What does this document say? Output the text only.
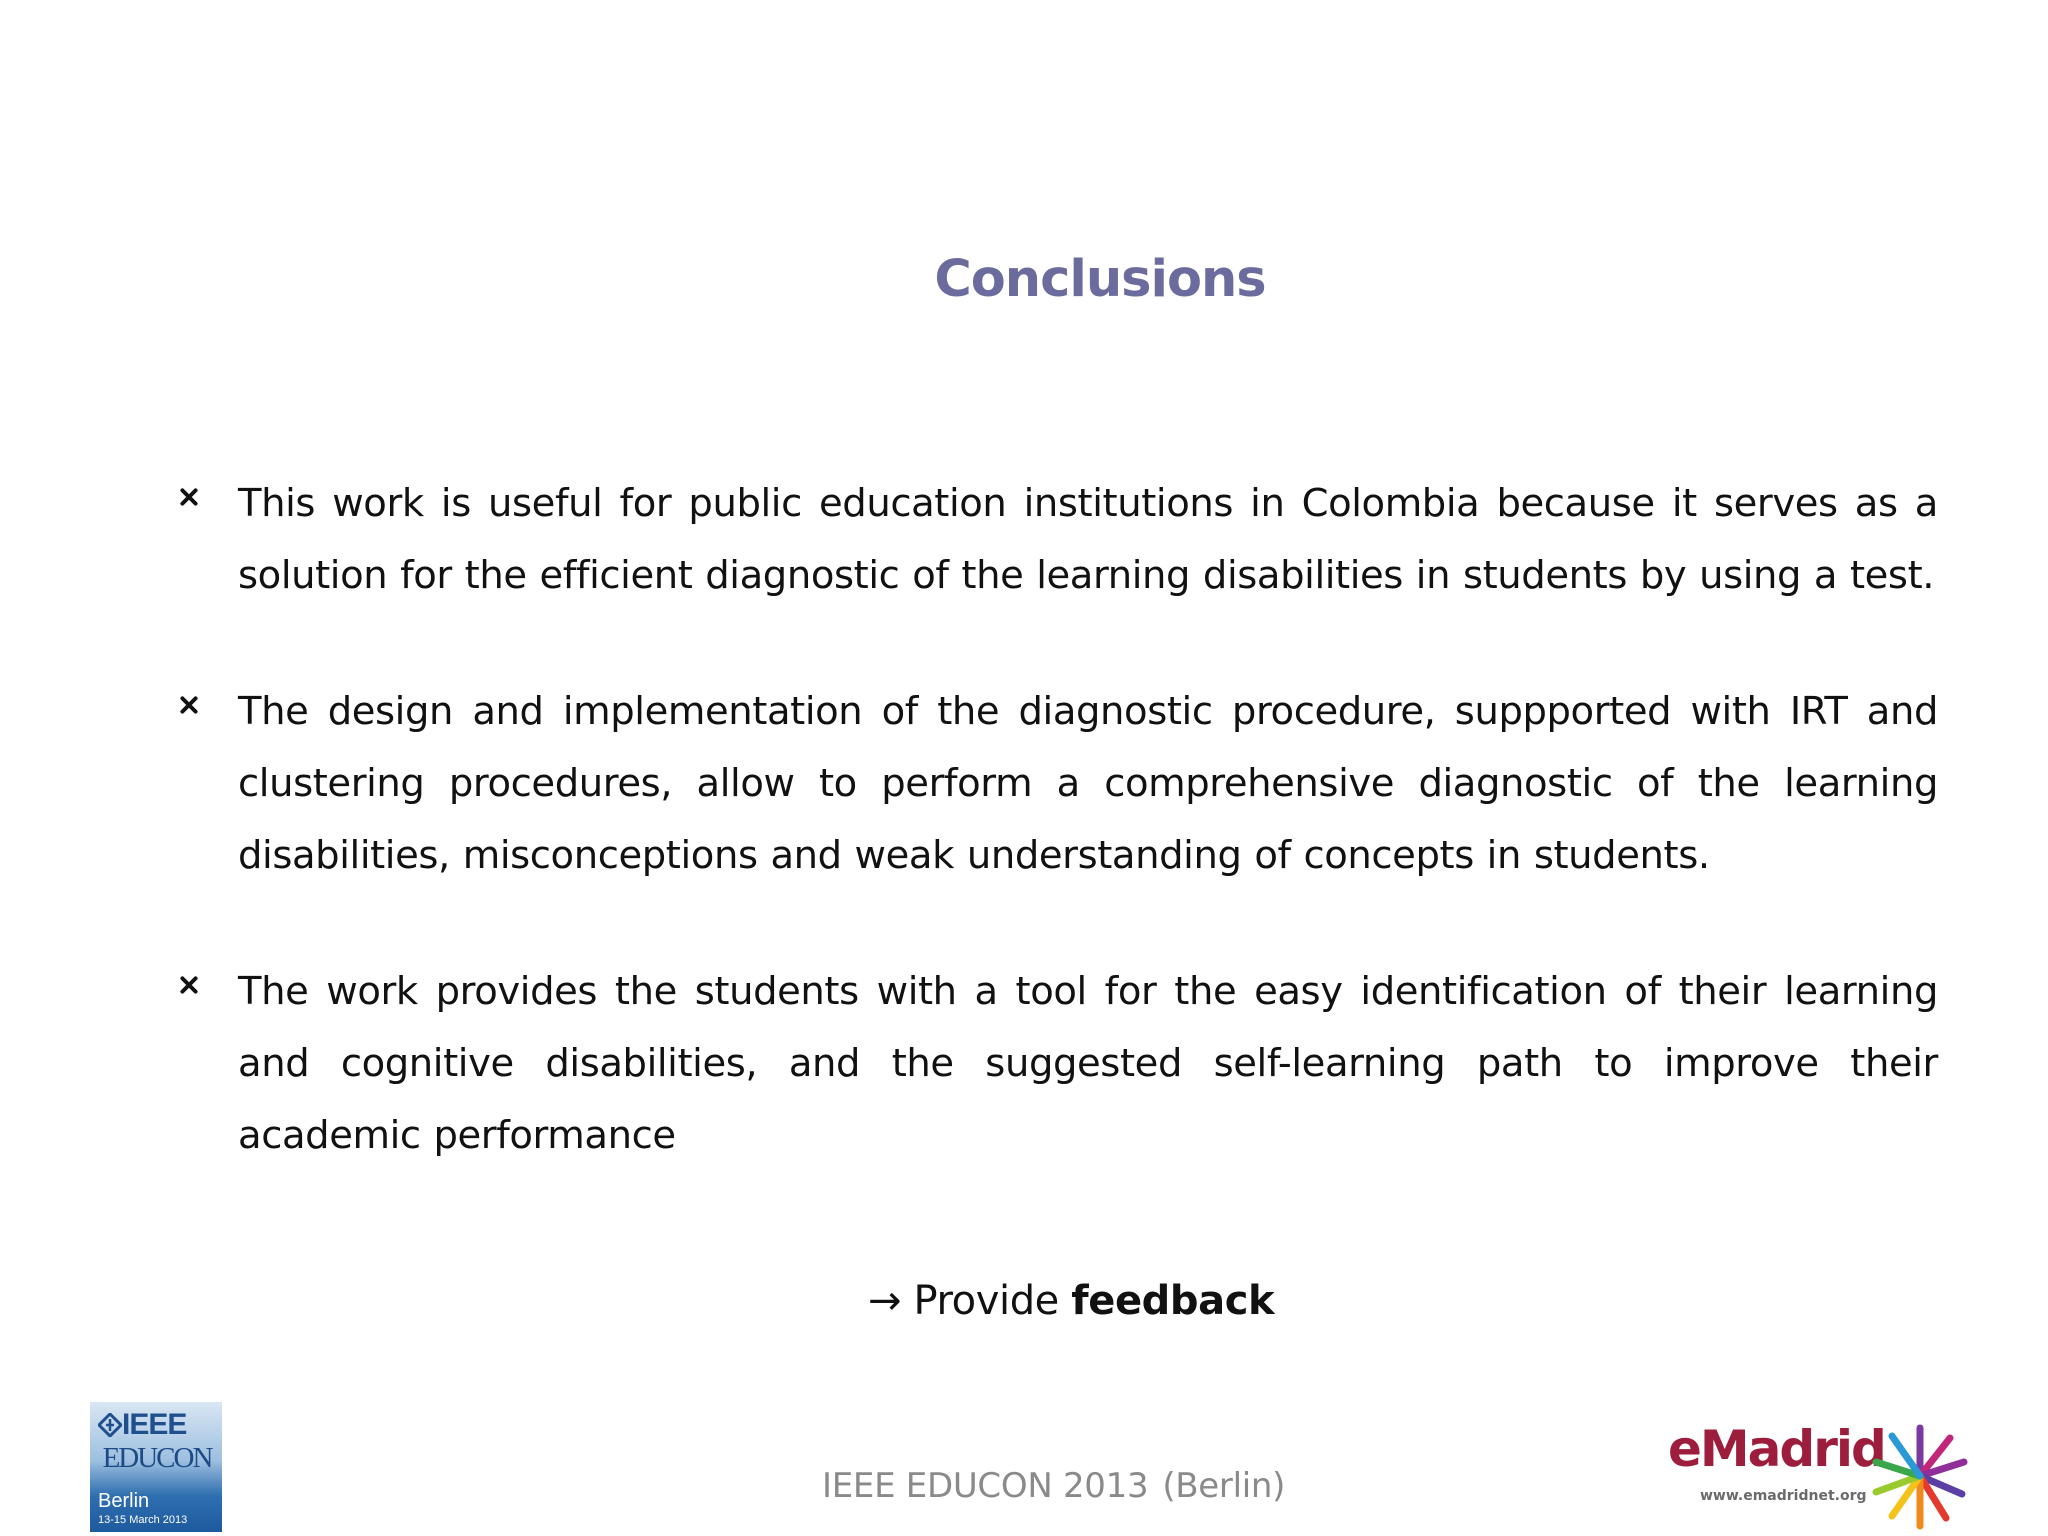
Conclusions
This work is useful for public education institutions in Colombia because it serves as a solution for the efficient diagnostic of the learning disabilities in students by using a test.
The design and implementation of the diagnostic procedure, suppported with IRT and clustering procedures, allow to perform a comprehensive diagnostic of the learning disabilities, misconceptions and weak understanding of concepts in students.
The work provides the students with a tool for the easy identification of their learning and cognitive disabilities, and the suggested self-learning path to improve their academic performance
→ Provide feedback
IEEE
EDUCON
Berlin
13-15 March 2013
IEEE EDUCON 2013 (Berlin)
eMadrid
www.emadridnet.org
